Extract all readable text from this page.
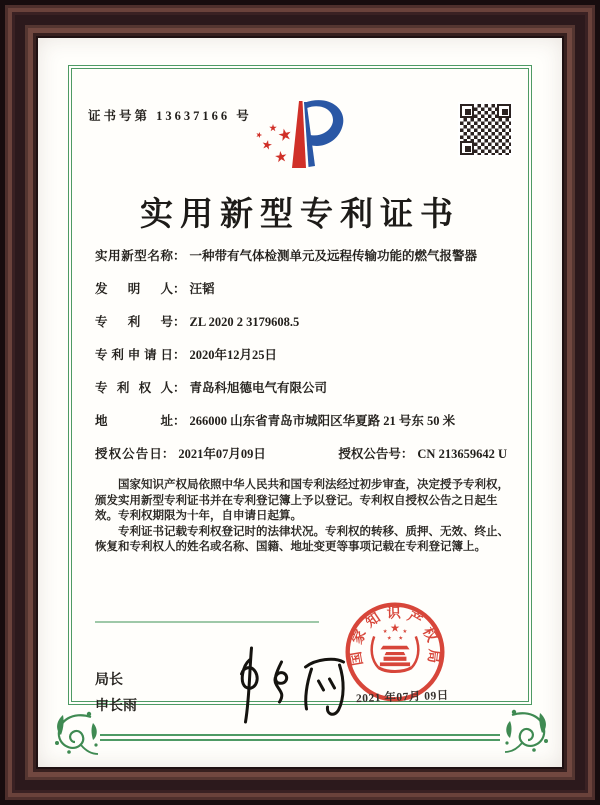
证书号第 13637166 号
实用新型专利证书
实用新型名称 ： 一种带有气体检测单元及远程传输功能的燃气报警器
发明人 ： 汪韬
专利号 ： ZL 2020 2 3179608.5
专利申请日 ： 2020年12月25日
专利权人 ： 青岛科旭德电气有限公司
地址 ： 266000 山东省青岛市城阳区华夏路 21 号东 50 米
授权公告日 ： 2021年07月09日	授权公告号 ： CN 213659642 U

国家知识产权局依照中华人民共和国专利法经过初步审查，决定授予专利权，颁发实用新型专利证书并在专利登记簿上予以登记。专利权自授权公告之日起生效。专利权期限为十年，自申请日起算。

专利证书记载专利权登记时的法律状况。专利权的转移、质押、无效、终止、恢复和专利权人的姓名或名称、国籍、地址变更等事项记载在专利登记簿上。

局长
申长雨
国家知识产权局
2021 年07月 09日
